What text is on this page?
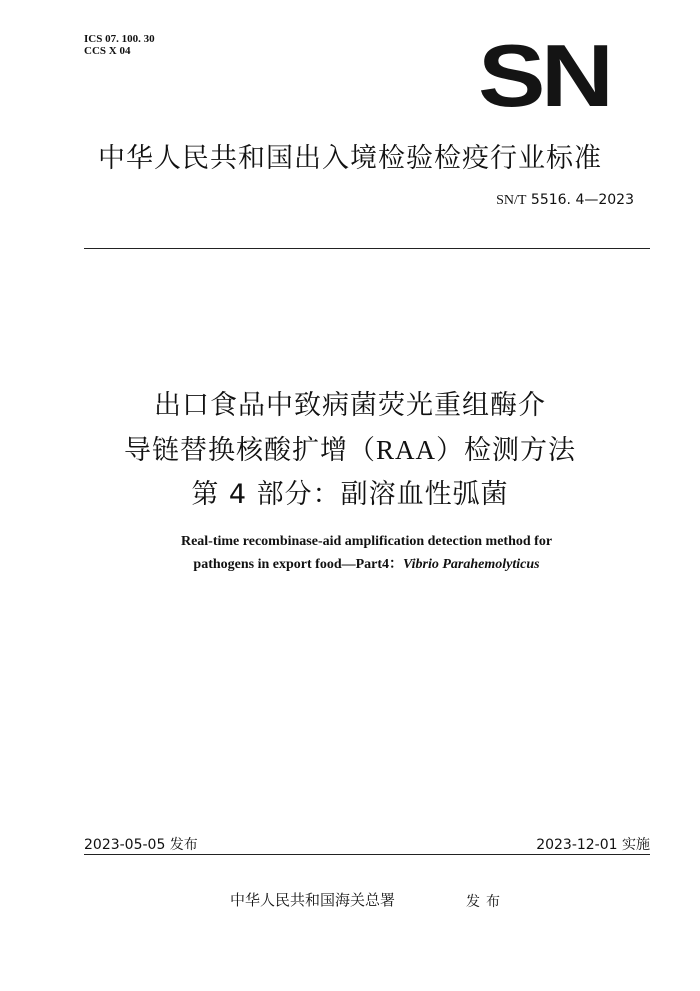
ICS 07. 100. 30
CCS X 04	SN
中华人民共和国出入境检验检疫行业标准
SN/T 5516. 4—2023
出口食品中致病菌荧光重组酶介
导链替换核酸扩增（RAA）检测方法
第 4 部分：副溶血性弧菌
Real-time recombinase-aid amplification detection method for
pathogens in export food—Part4：Vibrio Parahemolyticus
2023-05-05 发布	2023-12-01 实施
中华人民共和国海关总署	发布
